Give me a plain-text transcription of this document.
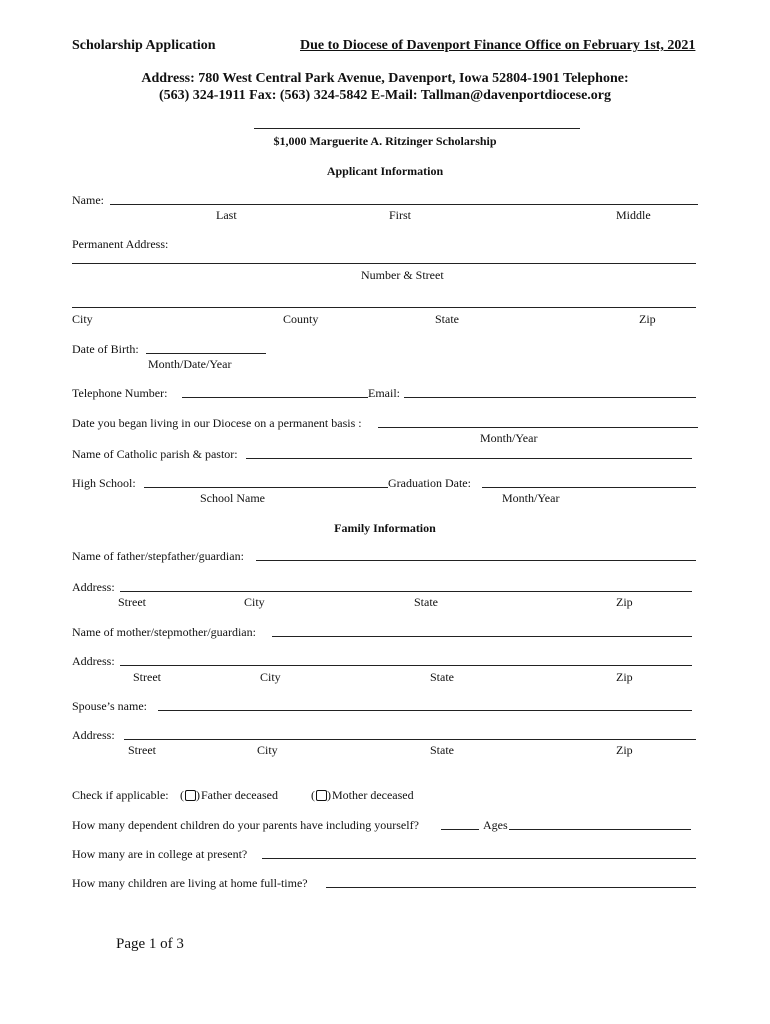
Scholarship Application	Due to Diocese of Davenport Finance Office on February 1st, 2021
Address: 780 West Central Park Avenue, Davenport, Iowa 52804-1901 Telephone:
(563) 324-1911 Fax: (563) 324-5842 E-Mail: Tallman@davenportdiocese.org
$1,000 Marguerite A. Ritzinger Scholarship
Applicant Information
Name:
Last	First	Middle
Permanent Address:
Number & Street
City	County	State	Zip
Date of Birth:
Month/Date/Year
Telephone Number:	Email:
Date you began living in our Diocese on a permanent basis :
Month/Year
Name of Catholic parish & pastor:
High School:
School Name
Graduation Date:
Month/Year
Family Information
Name of father/stepfather/guardian:
Address:
Street	City	State	Zip
Name of mother/stepmother/guardian:
Address:
Street	City	State	Zip
Spouse’s name:
Address:
Street	City	State	Zip
Check if applicable: ( ) Father deceased	( ) Mother deceased
How many dependent children do your parents have including yourself?	Ages
How many are in college at present?
How many children are living at home full-time?
Page 1 of 3
